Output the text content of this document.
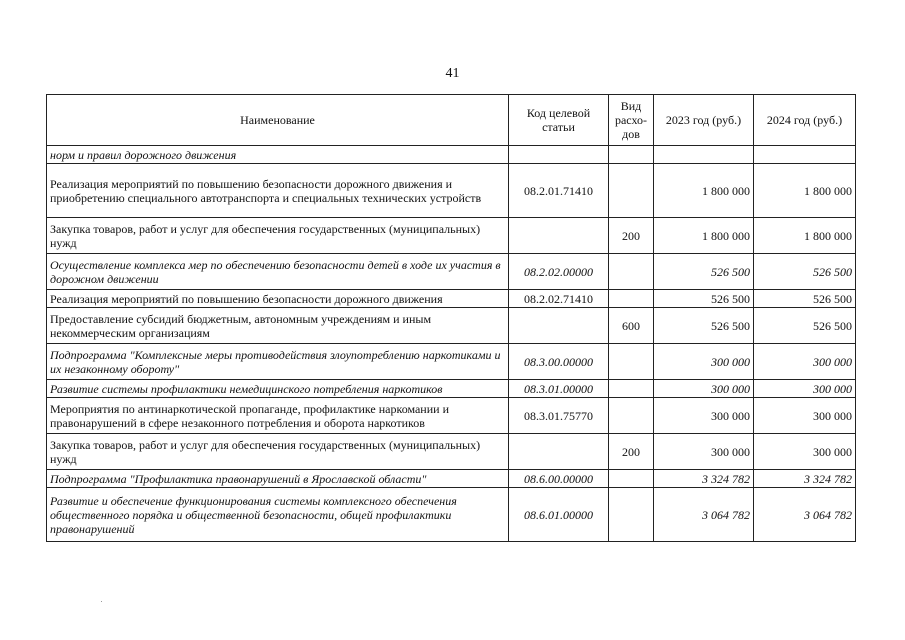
41
Наименование	Код целевой статьи	Вид расхо-дов	2023 год (руб.)	2024 год (руб.)

норм и правил дорожного движения				
Реализация мероприятий по повышению безопасности дорожного движения и приобретению специального автотранспорта и специальных технических устройств	08.2.01.71410		1 800 000	1 800 000
Закупка товаров, работ и услуг для обеспечения государственных (муниципальных) нужд		200	1 800 000	1 800 000
Осуществление комплекса мер по обеспечению безопасности детей в ходе их участия в дорожном движении	08.2.02.00000		526 500	526 500
Реализация мероприятий по повышению безопасности дорожного движения	08.2.02.71410		526 500	526 500
Предоставление субсидий бюджетным, автономным учреждениям и иным некоммерческим организациям		600	526 500	526 500
Подпрограмма "Комплексные меры противодействия злоупотреблению наркотиками и их незаконному обороту"	08.3.00.00000		300 000	300 000
Развитие системы профилактики немедицинского потребления наркотиков	08.3.01.00000		300 000	300 000
Мероприятия по антинаркотической пропаганде, профилактике наркомании и правонарушений в сфере незаконного потребления и оборота наркотиков	08.3.01.75770		300 000	300 000
Закупка товаров, работ и услуг для обеспечения государственных (муниципальных) нужд		200	300 000	300 000
Подпрограмма "Профилактика правонарушений в Ярославской области"	08.6.00.00000		3 324 782	3 324 782
Развитие и обеспечение функционирования системы комплексного обеспечения общественного порядка и общественной безопасности, общей профилактики правонарушений	08.6.01.00000		3 064 782	3 064 782
